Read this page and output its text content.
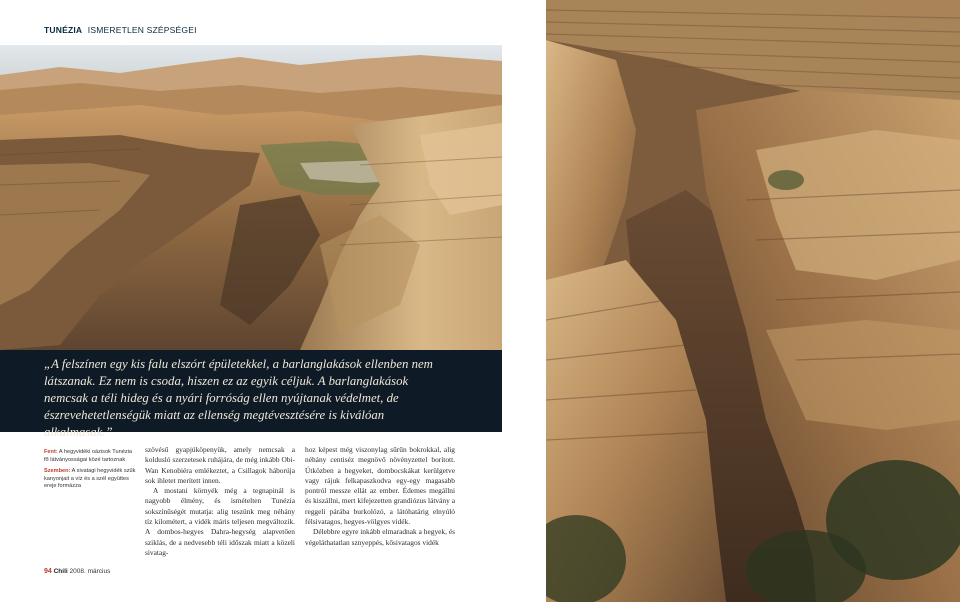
TUNÉZIA ISMERETLEN SZÉPSÉGEI
„A felszínen egy kis falu elszórt épületekkel, a barlanglakások ellenben nem látszanak. Ez nem is csoda, hiszen ez az egyik céljuk. A barlanglakások nemcsak a téli hideg és a nyári forróság ellen nyújtanak védelmet, de észrevehetetlenségük miatt az ellenség megtévesztésére is kiválóan alkalmasak.”

Fent: A hegyvidéki oázisok Tunézia fő látványosságai közé tartoznak

Szemben: A sivatagi hegyvidék szűk kanyonjait a víz és a szél együttes ereje formázza

szövésű gyapjúköpenyük, amely nemcsak a koldusló szerzetesek ruhájára, de még inkább Obi-Wan Kenobiéra emlékeztet, a Csillagok háborúja sok ihletet merített innen.

A mostani környék még a tegnapinál is nagyobb élmény, és ismételten Tunézia sokszínűségét mutatja: alig teszünk meg néhány tíz kilométert, a vidék máris teljesen megváltozik. A dombos-hegyes Dahra-hegység alapvetően sziklás, de a nedvesebb téli időszak miatt a közeli sivatag-

hoz képest még viszonylag sűrűn bokrokkal, alig néhány centiséz megnövő növényzettel borított. Útközben a hegyeket, dombocskákat kerülgetve vagy rájuk felkapaszkodva egy-egy magasabb pontról messze ellát az ember. Édemes megállni és kiszállni, mert kifejezetten grandiózus látvány a reggeli párába burkolózó, a látóhatárig elnyúló félsivatagos, hegyes-völgyes vidék.

Délebbre egyre inkább elmaradnak a hegyek, és végeláthatatlan sznyeppés, kősivatagos vidék

94 Chili 2008. március
